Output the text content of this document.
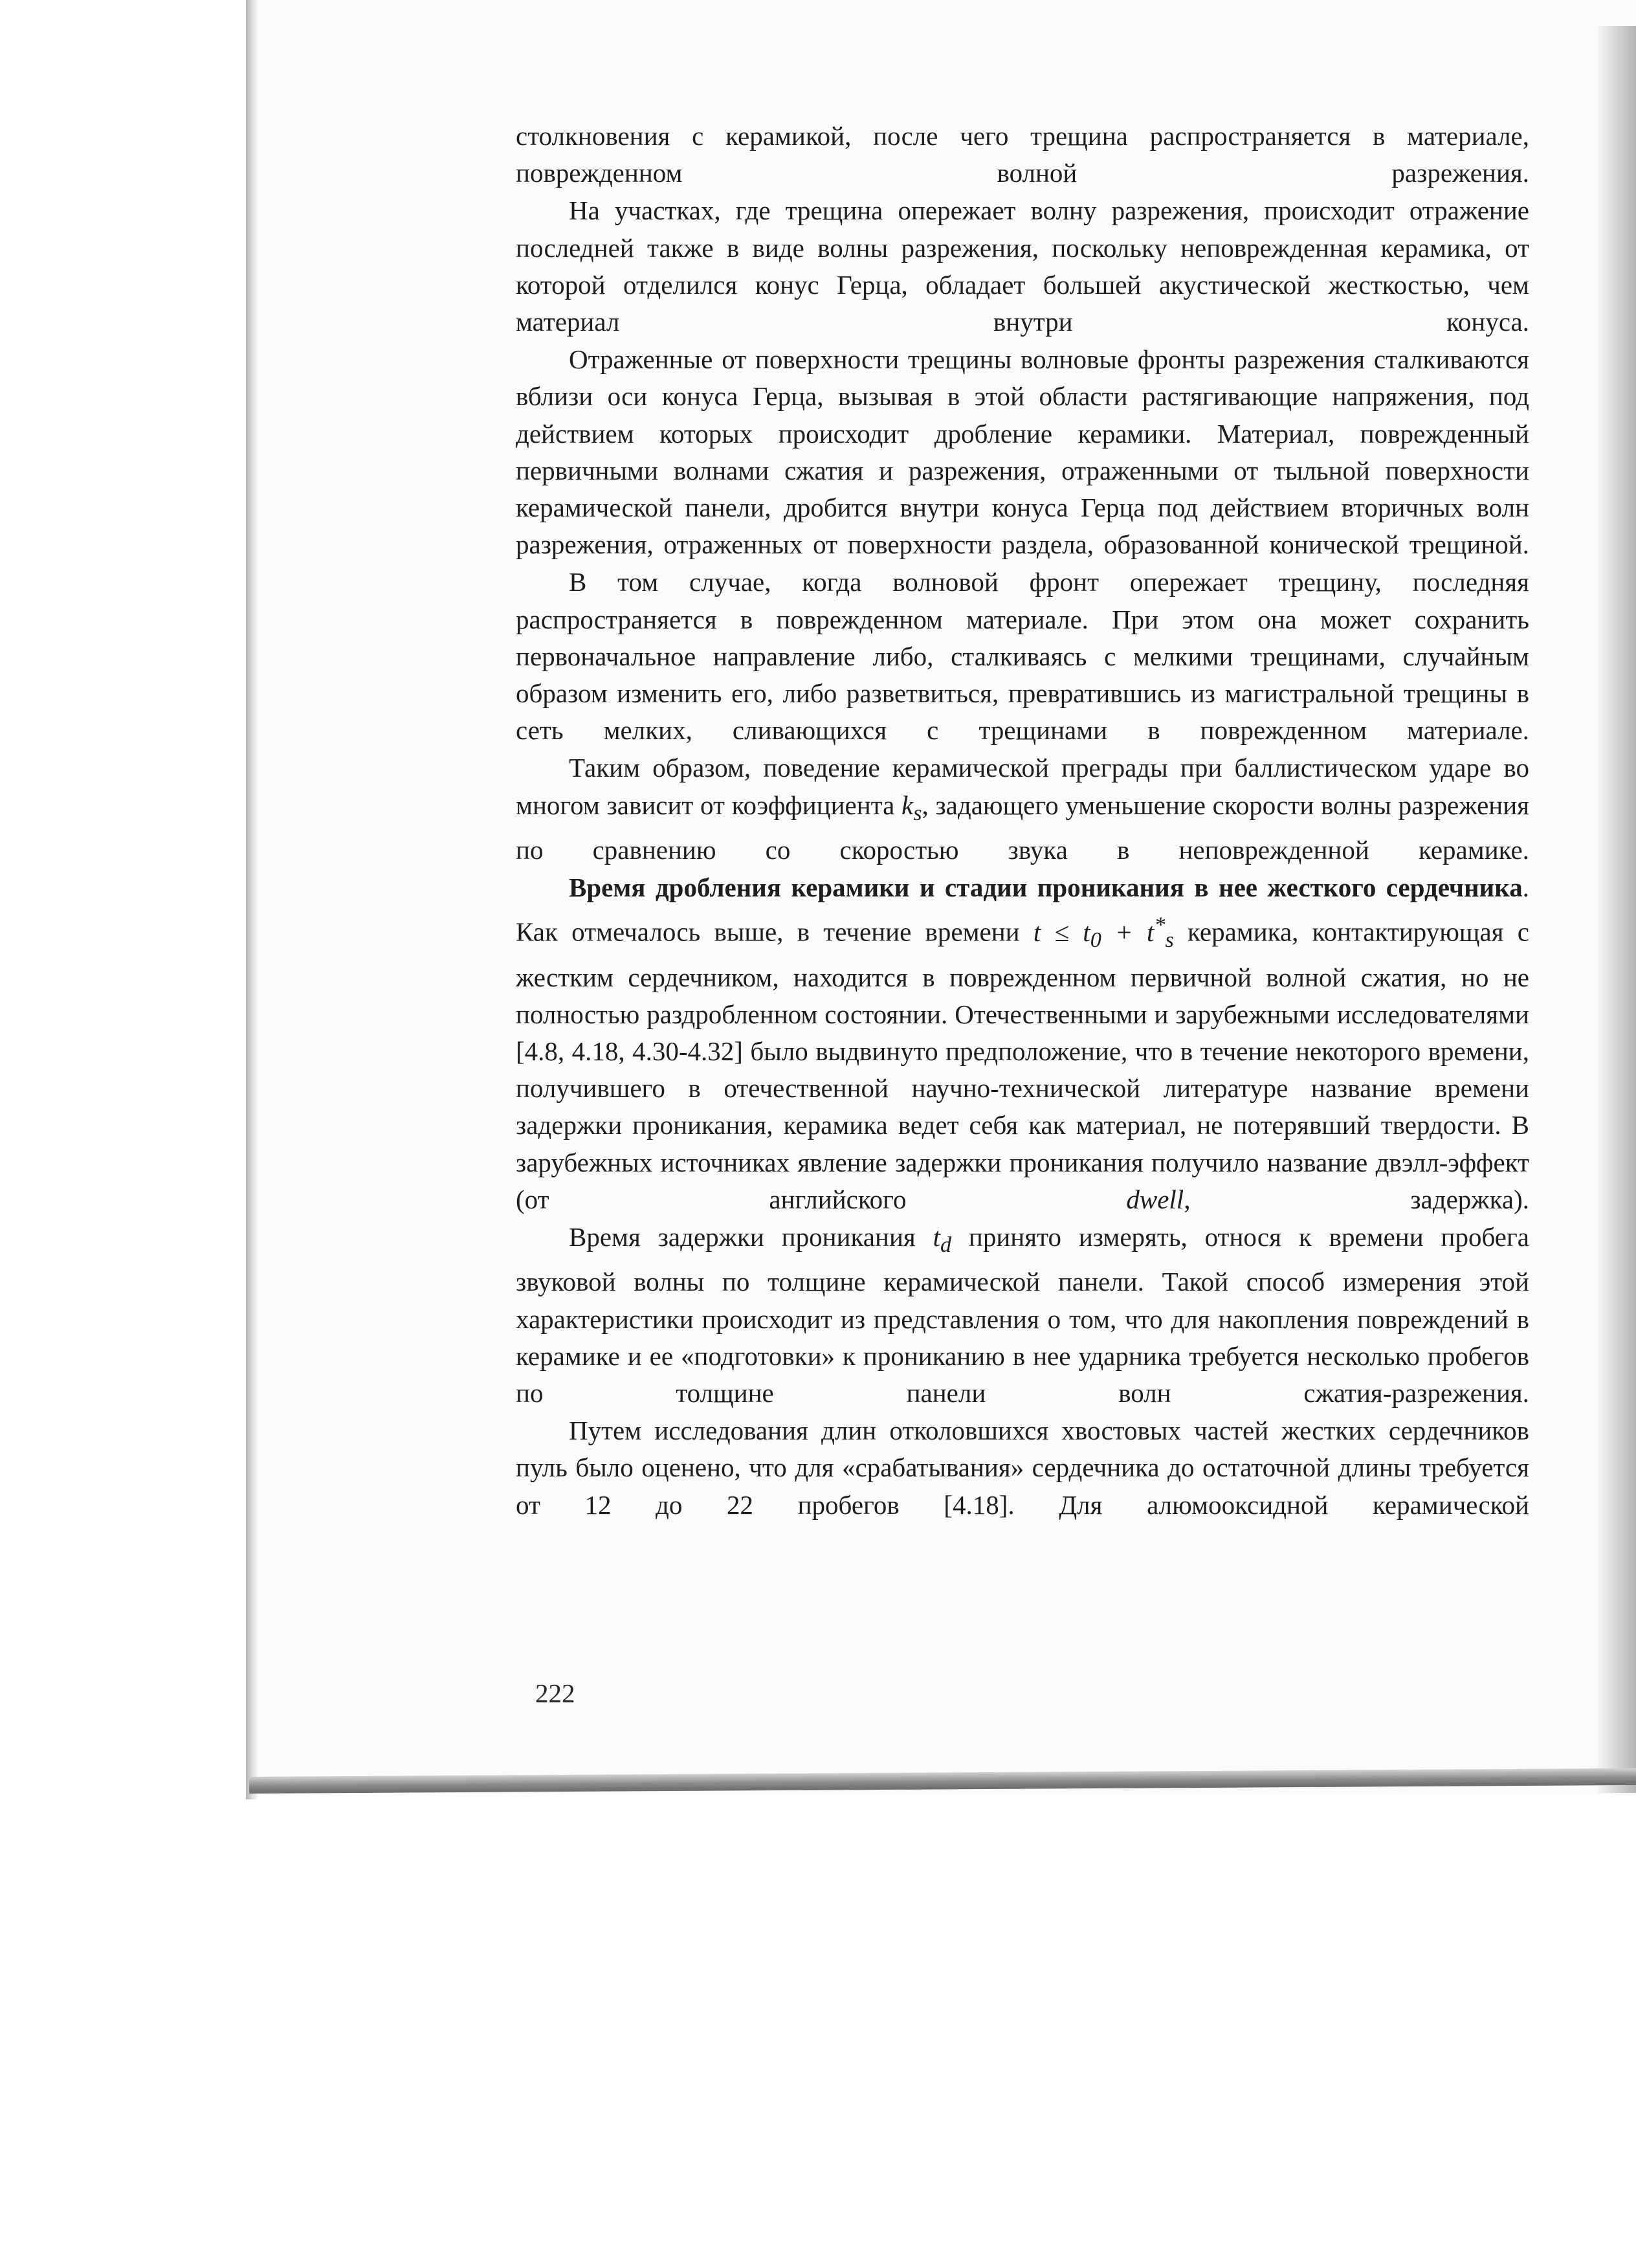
столкновения с керамикой, после чего трещина распространяется в материале, поврежденном волной разрежения.

На участках, где трещина опережает волну разрежения, происходит отражение последней также в виде волны разрежения, поскольку неповрежденная керамика, от которой отделился конус Герца, обладает большей акустической жесткостью, чем материал внутри конуса.

Отраженные от поверхности трещины волновые фронты разрежения сталкиваются вблизи оси конуса Герца, вызывая в этой области растягивающие напряжения, под действием которых происходит дробление керамики. Материал, поврежденный первичными волнами сжатия и разрежения, отраженными от тыльной поверхности керамической панели, дробится внутри конуса Герца под действием вторичных волн разрежения, отраженных от поверхности раздела, образованной конической трещиной.

В том случае, когда волновой фронт опережает трещину, последняя распространяется в поврежденном материале. При этом она может сохранить первоначальное направление либо, сталкиваясь с мелкими трещинами, случайным образом изменить его, либо разветвиться, превратившись из магистральной трещины в сеть мелких, сливающихся с трещинами в поврежденном материале.

Таким образом, поведение керамической преграды при баллистическом ударе во многом зависит от коэффициента $k_s$, задающего уменьшение скорости волны разрежения по сравнению со скоростью звука в неповрежденной керамике.

Время дробления керамики и стадии проникания в нее жесткого сердечника. Как отмечалось выше, в течение времени $t \le t_0 + t^*_s$ керамика, контактирующая с жестким сердечником, находится в поврежденном первичной волной сжатия, но не полностью раздробленном состоянии. Отечественными и зарубежными исследователями [4.8, 4.18, 4.30-4.32] было выдвинуто предположение, что в течение некоторого времени, получившего в отечественной научно-технической литературе название времени задержки проникания, керамика ведет себя как материал, не потерявший твердости. В зарубежных источниках явление задержки проникания получило название двэлл-эффект (от английского dwell, задержка).

Время задержки проникания $t_d$ принято измерять, относя к времени пробега звуковой волны по толщине керамической панели. Такой способ измерения этой характеристики происходит из представления о том, что для накопления повреждений в керамике и ее «подготовки» к прониканию в нее ударника требуется несколько пробегов по толщине панели волн сжатия-разрежения.

Путем исследования длин отколовшихся хвостовых частей жестких сердечников пуль было оценено, что для «срабатывания» сердечника до остаточной длины требуется от 12 до 22 пробегов [4.18]. Для алюмооксидной керамической

222
